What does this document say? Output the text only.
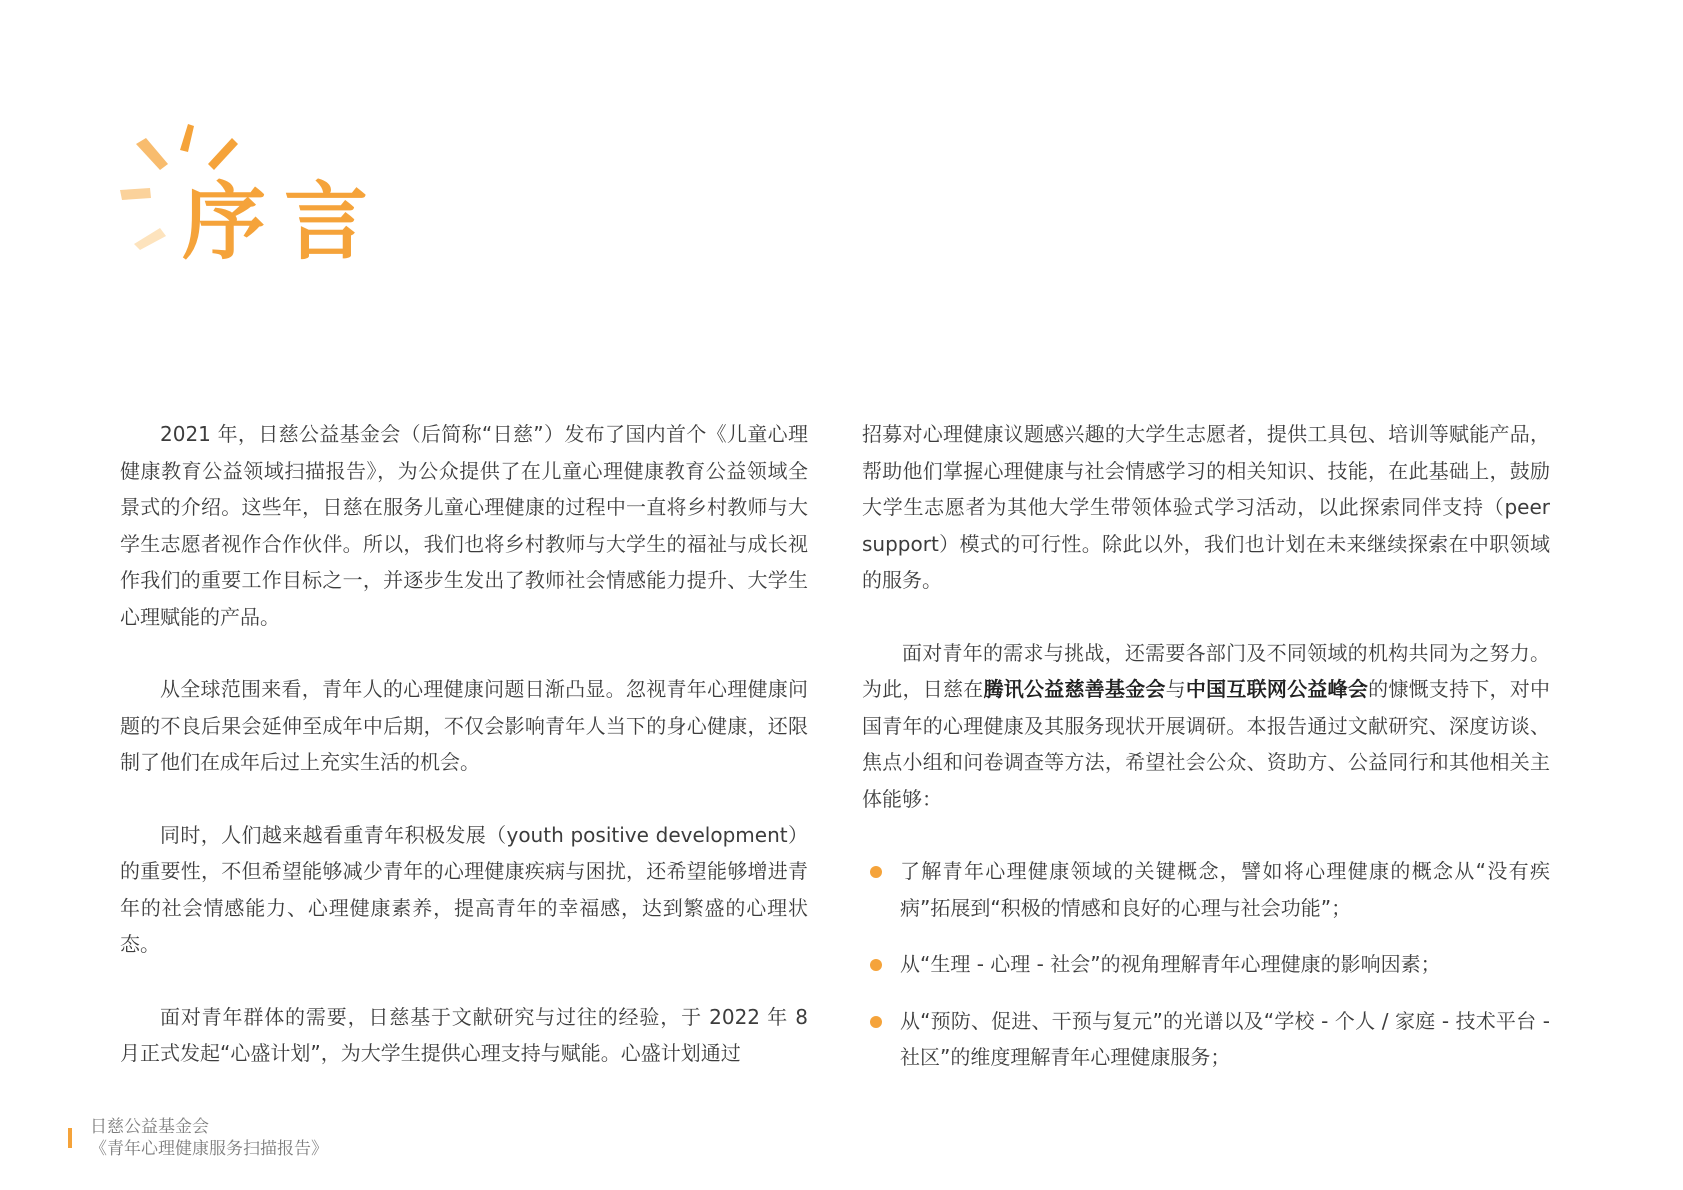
序言

2021 年，日慈公益基金会（后简称“日慈”）发布了国内首个《儿童心理健康教育公益领域扫描报告》，为公众提供了在儿童心理健康教育公益领域全景式的介绍。这些年，日慈在服务儿童心理健康的过程中一直将乡村教师与大学生志愿者视作合作伙伴。所以，我们也将乡村教师与大学生的福祉与成长视作我们的重要工作目标之一，并逐步生发出了教师社会情感能力提升、大学生心理赋能的产品。

从全球范围来看，青年人的心理健康问题日渐凸显。忽视青年心理健康问题的不良后果会延伸至成年中后期，不仅会影响青年人当下的身心健康，还限制了他们在成年后过上充实生活的机会。

同时，人们越来越看重青年积极发展（youth positive development）的重要性，不但希望能够减少青年的心理健康疾病与困扰，还希望能够增进青年的社会情感能力、心理健康素养，提高青年的幸福感，达到繁盛的心理状态。

面对青年群体的需要，日慈基于文献研究与过往的经验，于 2022 年 8 月正式发起“心盛计划”，为大学生提供心理支持与赋能。心盛计划通过

招募对心理健康议题感兴趣的大学生志愿者，提供工具包、培训等赋能产品，帮助他们掌握心理健康与社会情感学习的相关知识、技能，在此基础上，鼓励大学生志愿者为其他大学生带领体验式学习活动，以此探索同伴支持（peer support）模式的可行性。除此以外，我们也计划在未来继续探索在中职领域的服务。

面对青年的需求与挑战，还需要各部门及不同领域的机构共同为之努力。为此，日慈在腾讯公益慈善基金会与中国互联网公益峰会的慷慨支持下，对中国青年的心理健康及其服务现状开展调研。本报告通过文献研究、深度访谈、焦点小组和问卷调查等方法，希望社会公众、资助方、公益同行和其他相关主体能够：

了解青年心理健康领域的关键概念，譬如将心理健康的概念从“没有疾病”拓展到“积极的情感和良好的心理与社会功能”；
从“生理 - 心理 - 社会”的视角理解青年心理健康的影响因素；
从“预防、促进、干预与复元”的光谱以及“学校 - 个人 / 家庭 - 技术平台 - 社区”的维度理解青年心理健康服务；
日慈公益基金会
《青年心理健康服务扫描报告》
